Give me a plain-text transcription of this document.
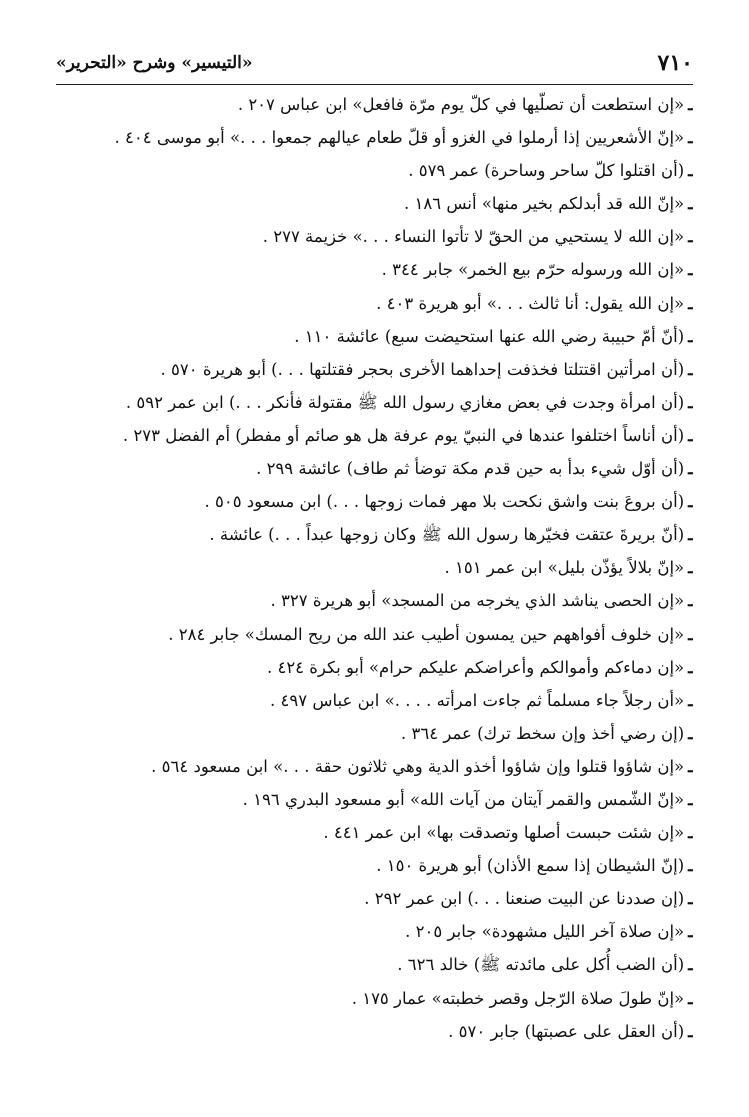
٧١٠
«التيسير» وشرح «التحرير»
ـ«إن استطعت أن تصلّيها في كلّ يوم مرّة فافعل» ابن عباس ٢٠٧ .
ـ«إنّ الأشعريين إذا أرملوا في الغزو أو قلّ طعام عيالهم جمعوا . . .» أبو موسى ٤٠٤ .
ـ(أن اقتلوا كلّ ساحر وساحرة) عمر ٥٧٩ .
ـ«إنّ الله قد أبدلكم بخير منها» أنس ١٨٦ .
ـ«إن الله لا يستحيي من الحقّ لا تأتوا النساء . . .» خزيمة ٢٧٧ .
ـ«إن الله ورسوله حرّم بيع الخمر» جابر ٣٤٤ .
ـ«إن الله يقول: أنا ثالث . . .» أبو هريرة ٤٠٣ .
ـ(أنّ أمّ حبيبة رضي الله عنها استحيضت سبع) عائشة ١١٠ .
ـ(أن امرأتين اقتتلتا فخذفت إحداهما الأخرى بحجر فقتلتها . . .) أبو هريرة ٥٧٠ .
ـ(أن امرأة وجدت في بعض مغازي رسول الله ﷺ مقتولة فأنكر . . .) ابن عمر ٥٩٢ .
ـ(أن أناساً اختلفوا عندها في النبيّ يوم عرفة هل هو صائم أو مفطر) أم الفضل ٢٧٣ .
ـ(أن أوّل شيء بدأ به حين قدم مكة توضأ ثم طاف) عائشة ٢٩٩ .
ـ(أن بروعَ بنت واشق نكحت بلا مهر فمات زوجها . . .) ابن مسعود ٥٠٥ .
ـ(أنّ بريرةَ عتقت فخيّرها رسول الله ﷺ وكان زوجها عبداً . . .) عائشة .
ـ«إنّ بلالاً يؤذّن بليل» ابن عمر ١٥١ .
ـ«إن الحصى يناشد الذي يخرجه من المسجد» أبو هريرة ٣٢٧ .
ـ«إن خلوف أفواههم حين يمسون أطيب عند الله من ريح المسك» جابر ٢٨٤ .
ـ«إن دماءكم وأموالكم وأعراضكم عليكم حرام» أبو بكرة ٤٢٤ .
ـ«أن رجلاً جاء مسلماً ثم جاءت امرأته . . . .» ابن عباس ٤٩٧ .
ـ(إن رضي أخذ وإن سخط ترك) عمر ٣٦٤ .
ـ«إن شاؤوا قتلوا وإن شاؤوا أخذو الدية وهي ثلاثون حقة . . .» ابن مسعود ٥٦٤ .
ـ«إنّ الشّمس والقمر آيتان من آيات الله» أبو مسعود البدري ١٩٦ .
ـ«إن شئت حبست أصلها وتصدقت بها» ابن عمر ٤٤١ .
ـ(إنّ الشيطان إذا سمع الأذان) أبو هريرة ١٥٠ .
ـ(إن صددنا عن البيت صنعنا . . .) ابن عمر ٢٩٢ .
ـ«إن صلاة آخر الليل مشهودة» جابر ٢٠٥ .
ـ(أن الضب أُكل على مائدته ﷺ) خالد ٦٢٦ .
ـ«إنّ طولَ صلاة الرّجل وقصر خطبته» عمار ١٧٥ .
ـ(أن العقل على عصبتها) جابر ٥٧٠ .
